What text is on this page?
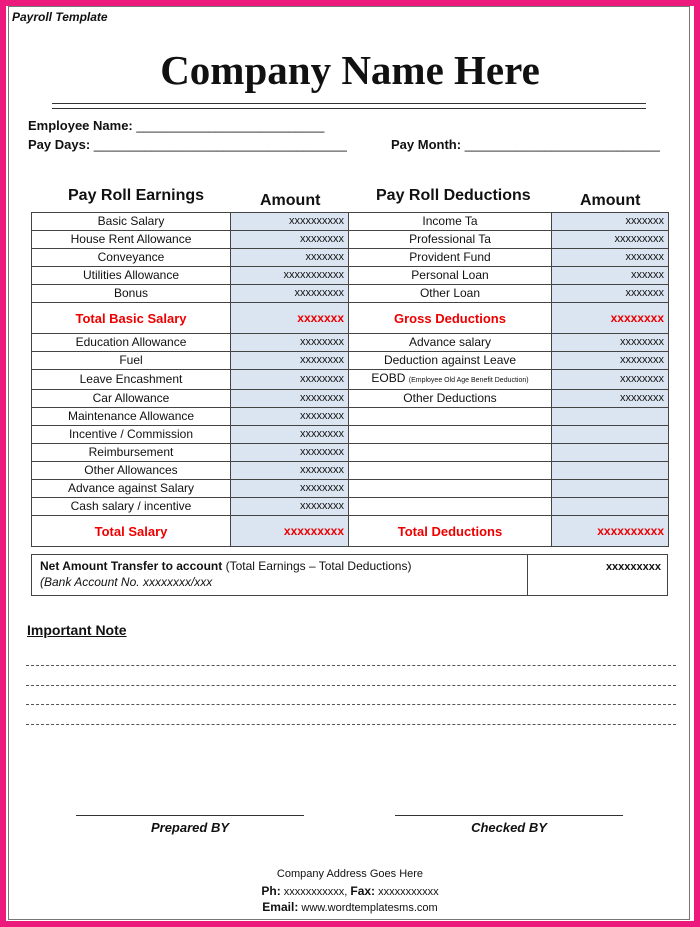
Payroll Template
Company Name Here
Employee Name: __________________________
Pay Days: ___________________________________	Pay Month: ___________________________
Pay Roll Earnings	Amount	Pay Roll Deductions	Amount
Basic Salary	xxxxxxxxxx	Income Ta	xxxxxxx
House Rent Allowance	xxxxxxxx	Professional Ta	xxxxxxxxx
Conveyance	xxxxxxx	Provident Fund	xxxxxxx
Utilities Allowance	xxxxxxxxxxx	Personal Loan	xxxxxx
Bonus	xxxxxxxxx	Other Loan	xxxxxxx
Total Basic Salary	xxxxxxx	Gross Deductions	xxxxxxxx
Education Allowance	xxxxxxxx	Advance salary	xxxxxxxx
Fuel	xxxxxxxx	Deduction against Leave	xxxxxxxx
Leave Encashment	xxxxxxxx	EOBD (Employee Old Age Benefit Deduction)	xxxxxxxx
Car Allowance	xxxxxxxx	Other Deductions	xxxxxxxx
Maintenance Allowance	xxxxxxxx		
Incentive / Commission	xxxxxxxx		
Reimbursement	xxxxxxxx		
Other Allowances	xxxxxxxx		
Advance against Salary	xxxxxxxx		
Cash salary / incentive	xxxxxxxx		
Total Salary	xxxxxxxxx	Total Deductions	xxxxxxxxxx
Net Amount Transfer to account (Total Earnings – Total Deductions)
(Bank Account No. xxxxxxxx/xxx
xxxxxxxxx
Important Note
Prepared BY	Checked BY
Company Address Goes Here
Ph: xxxxxxxxxxx, Fax: xxxxxxxxxxx
Email: www.wordtemplatesms.com
